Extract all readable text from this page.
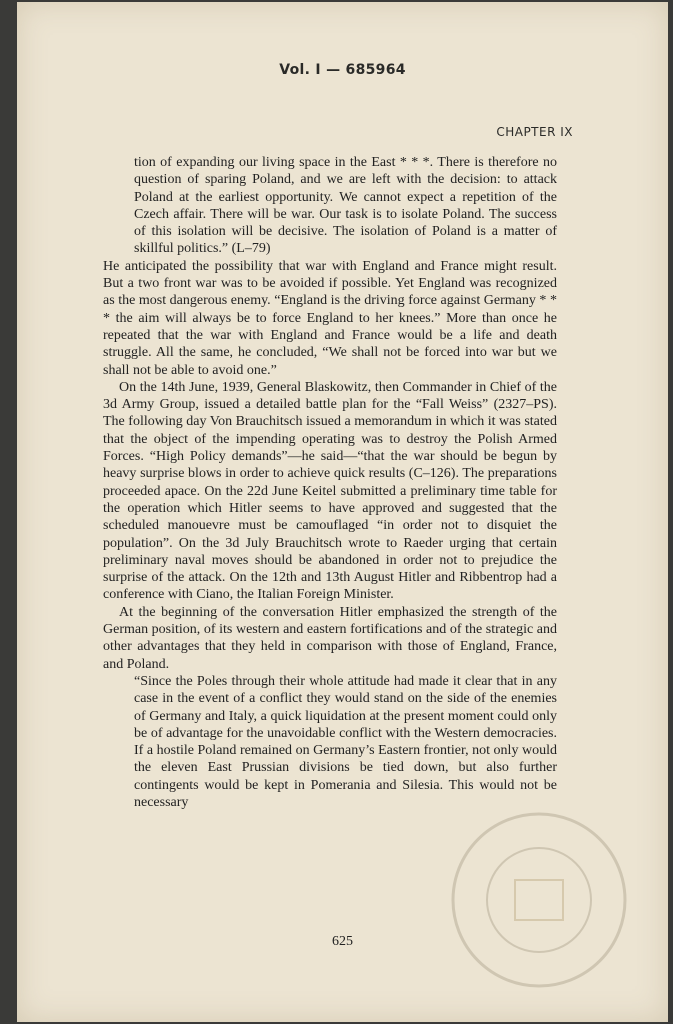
Vol. I — 685964
CHAPTER IX

tion of expanding our living space in the East * * *. There is therefore no question of sparing Poland, and we are left with the decision: to attack Poland at the earliest opportunity. We cannot expect a repetition of the Czech affair. There will be war. Our task is to isolate Poland. The success of this isolation will be decisive. The isolation of Poland is a matter of skillful politics.” (L–79)

He anticipated the possibility that war with England and France might result. But a two front war was to be avoided if possible. Yet England was recognized as the most dangerous enemy. “England is the driving force against Germany * * * the aim will always be to force England to her knees.” More than once he repeated that the war with England and France would be a life and death struggle. All the same, he concluded, “We shall not be forced into war but we shall not be able to avoid one.”

On the 14th June, 1939, General Blaskowitz, then Commander in Chief of the 3d Army Group, issued a detailed battle plan for the “Fall Weiss” (2327–PS). The following day Von Brauchitsch issued a memorandum in which it was stated that the object of the impending operating was to destroy the Polish Armed Forces. “High Policy demands”—he said—“that the war should be begun by heavy surprise blows in order to achieve quick results (C–126). The preparations proceeded apace. On the 22d June Keitel submitted a preliminary time table for the operation which Hitler seems to have approved and suggested that the scheduled manouevre must be camouflaged “in order not to disquiet the population”. On the 3d July Brauchitsch wrote to Raeder urging that certain preliminary naval moves should be abandoned in order not to prejudice the surprise of the attack. On the 12th and 13th August Hitler and Ribbentrop had a conference with Ciano, the Italian Foreign Minister.

At the beginning of the conversation Hitler emphasized the strength of the German position, of its western and eastern fortifications and of the strategic and other advantages that they held in comparison with those of England, France, and Poland.

“Since the Poles through their whole attitude had made it clear that in any case in the event of a conflict they would stand on the side of the enemies of Germany and Italy, a quick liquidation at the present moment could only be of advantage for the unavoidable conflict with the Western democracies. If a hostile Poland remained on Germany’s Eastern frontier, not only would the eleven East Prussian divisions be tied down, but also further contingents would be kept in Pomerania and Silesia. This would not be necessary

625
